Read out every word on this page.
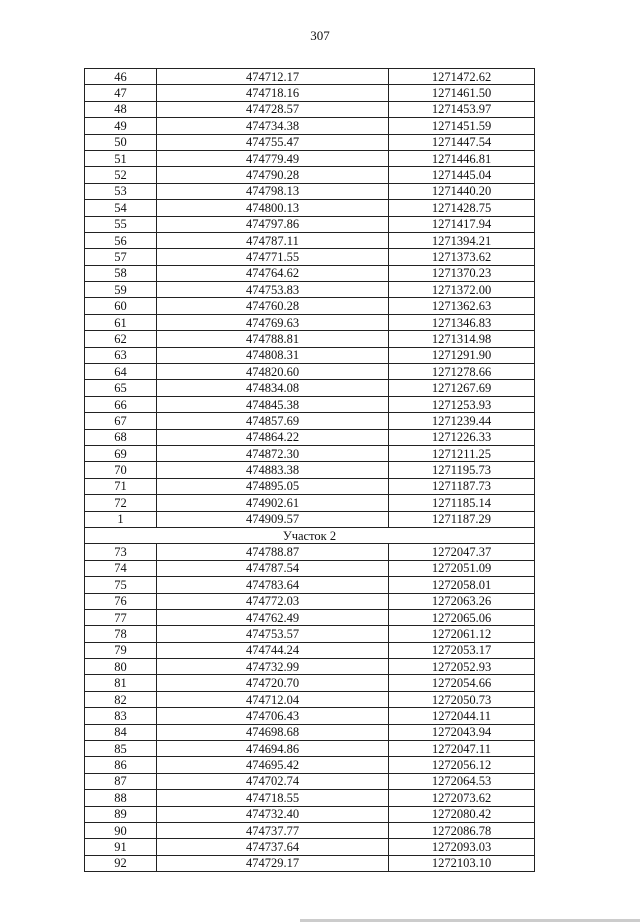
307
46	474712.17	1271472.62
47	474718.16	1271461.50
48	474728.57	1271453.97
49	474734.38	1271451.59
50	474755.47	1271447.54
51	474779.49	1271446.81
52	474790.28	1271445.04
53	474798.13	1271440.20
54	474800.13	1271428.75
55	474797.86	1271417.94
56	474787.11	1271394.21
57	474771.55	1271373.62
58	474764.62	1271370.23
59	474753.83	1271372.00
60	474760.28	1271362.63
61	474769.63	1271346.83
62	474788.81	1271314.98
63	474808.31	1271291.90
64	474820.60	1271278.66
65	474834.08	1271267.69
66	474845.38	1271253.93
67	474857.69	1271239.44
68	474864.22	1271226.33
69	474872.30	1271211.25
70	474883.38	1271195.73
71	474895.05	1271187.73
72	474902.61	1271185.14
1	474909.57	1271187.29
Участок 2		
73	474788.87	1272047.37
74	474787.54	1272051.09
75	474783.64	1272058.01
76	474772.03	1272063.26
77	474762.49	1272065.06
78	474753.57	1272061.12
79	474744.24	1272053.17
80	474732.99	1272052.93
81	474720.70	1272054.66
82	474712.04	1272050.73
83	474706.43	1272044.11
84	474698.68	1272043.94
85	474694.86	1272047.11
86	474695.42	1272056.12
87	474702.74	1272064.53
88	474718.55	1272073.62
89	474732.40	1272080.42
90	474737.77	1272086.78
91	474737.64	1272093.03
92	474729.17	1272103.10
